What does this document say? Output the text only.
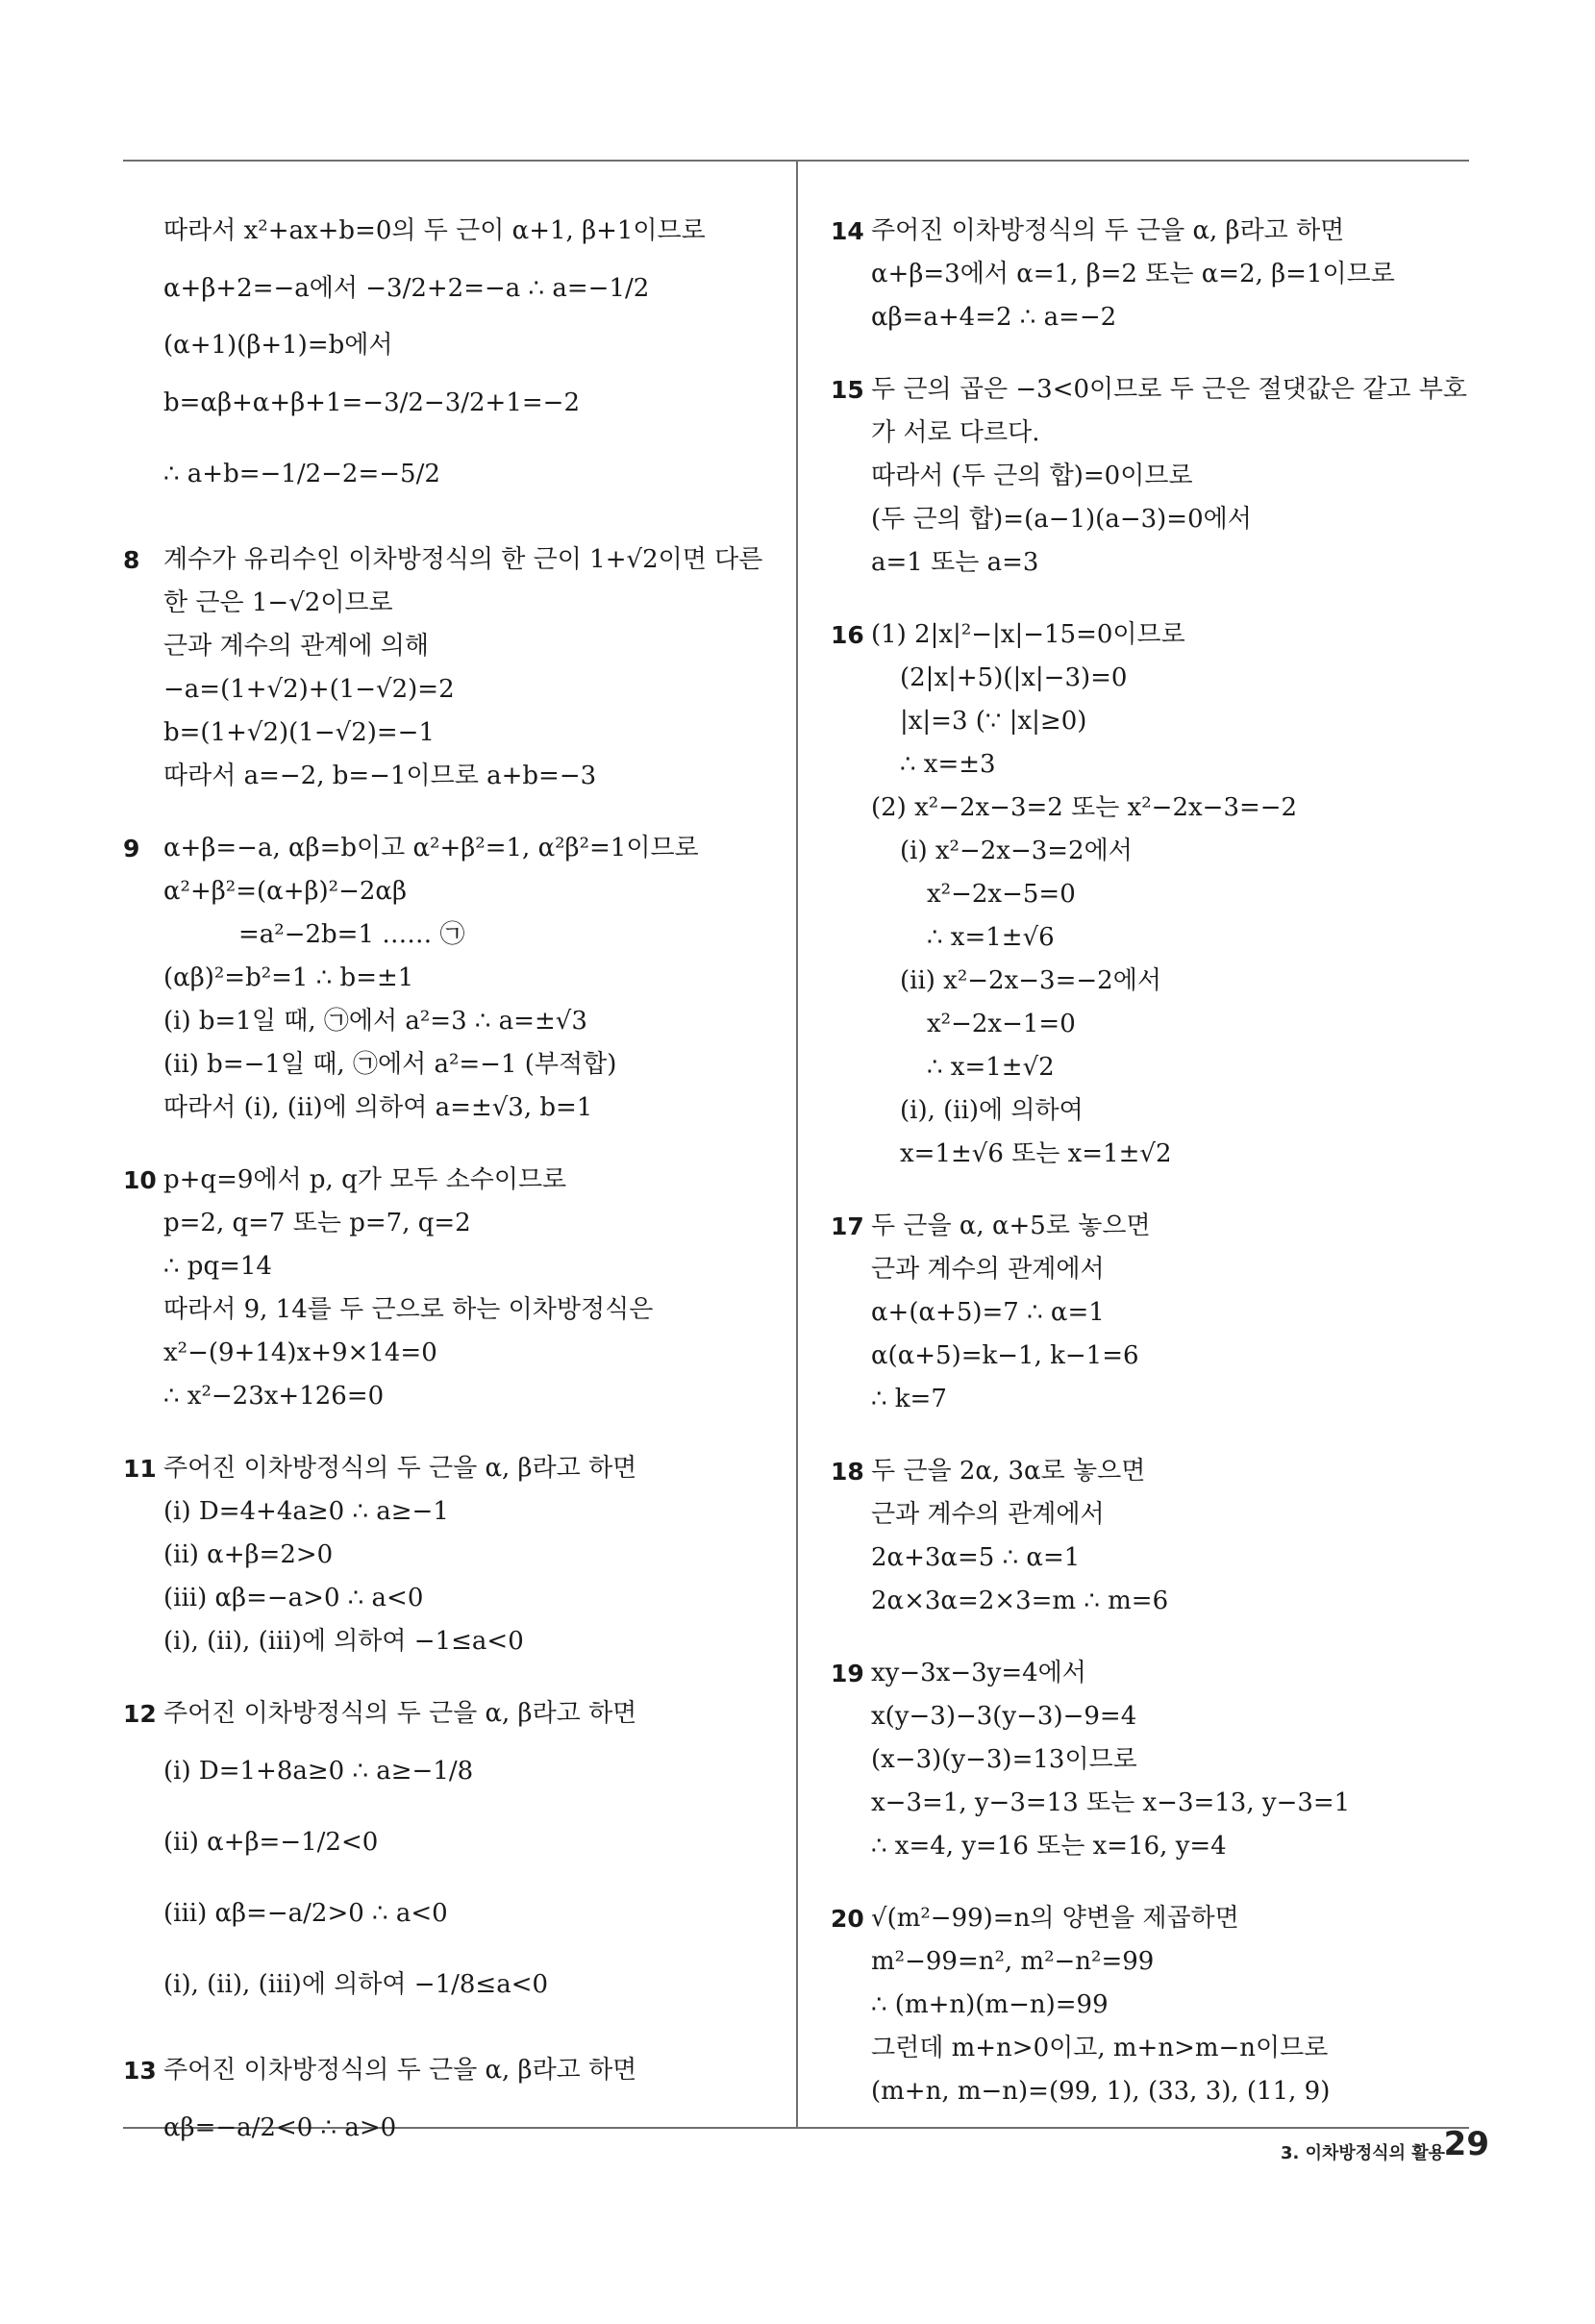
따라서 x²+ax+b=0의 두 근이 α+1, β+1이므로
α+β+2=−a에서 −3/2+2=−a ∴ a=−1/2
(α+1)(β+1)=b에서
b=αβ+α+β+1=−3/2−3/2+1=−2
∴ a+b=−1/2−2=−5/2
8 계수가 유리수인 이차방정식의 한 근이 1+√2이면 다른
한 근은 1−√2이므로
근과 계수의 관계에 의해
−a=(1+√2)+(1−√2)=2
b=(1+√2)(1−√2)=−1
따라서 a=−2, b=−1이므로 a+b=−3
9 α+β=−a, αβ=b이고 α²+β²=1, α²β²=1이므로
α²+β²=(α+β)²−2αβ
=a²−2b=1 …… ㉠
(αβ)²=b²=1 ∴ b=±1
(i) b=1일 때, ㉠에서 a²=3 ∴ a=±√3
(ii) b=−1일 때, ㉠에서 a²=−1 (부적합)
따라서 (i), (ii)에 의하여 a=±√3, b=1
10 p+q=9에서 p, q가 모두 소수이므로
p=2, q=7 또는 p=7, q=2
∴ pq=14
따라서 9, 14를 두 근으로 하는 이차방정식은
x²−(9+14)x+9×14=0
∴ x²−23x+126=0
11 주어진 이차방정식의 두 근을 α, β라고 하면
(i) D=4+4a≥0 ∴ a≥−1
(ii) α+β=2>0
(iii) αβ=−a>0 ∴ a<0
(i), (ii), (iii)에 의하여 −1≤a<0
12 주어진 이차방정식의 두 근을 α, β라고 하면
(i) D=1+8a≥0 ∴ a≥−1/8
(ii) α+β=−1/2<0
(iii) αβ=−a/2>0 ∴ a<0
(i), (ii), (iii)에 의하여 −1/8≤a<0
13 주어진 이차방정식의 두 근을 α, β라고 하면
αβ=−a/2<0 ∴ a>0
14 주어진 이차방정식의 두 근을 α, β라고 하면
α+β=3에서 α=1, β=2 또는 α=2, β=1이므로
αβ=a+4=2 ∴ a=−2
15 두 근의 곱은 −3<0이므로 두 근은 절댓값은 같고 부호
가 서로 다르다.
따라서 (두 근의 합)=0이므로
(두 근의 합)=(a−1)(a−3)=0에서
a=1 또는 a=3
16 (1) 2|x|²−|x|−15=0이므로
(2|x|+5)(|x|−3)=0
|x|=3 (∵ |x|≥0)
∴ x=±3
(2) x²−2x−3=2 또는 x²−2x−3=−2
(i) x²−2x−3=2에서
x²−2x−5=0
∴ x=1±√6
(ii) x²−2x−3=−2에서
x²−2x−1=0
∴ x=1±√2
(i), (ii)에 의하여
x=1±√6 또는 x=1±√2
17 두 근을 α, α+5로 놓으면
근과 계수의 관계에서
α+(α+5)=7 ∴ α=1
α(α+5)=k−1, k−1=6
∴ k=7
18 두 근을 2α, 3α로 놓으면
근과 계수의 관계에서
2α+3α=5 ∴ α=1
2α×3α=2×3=m ∴ m=6
19 xy−3x−3y=4에서
x(y−3)−3(y−3)−9=4
(x−3)(y−3)=13이므로
x−3=1, y−3=13 또는 x−3=13, y−3=1
∴ x=4, y=16 또는 x=16, y=4
20 √(m²−99)=n의 양변을 제곱하면
m²−99=n², m²−n²=99
∴ (m+n)(m−n)=99
그런데 m+n>0이고, m+n>m−n이므로
(m+n, m−n)=(99, 1), (33, 3), (11, 9)
3. 이차방정식의 활용
29
